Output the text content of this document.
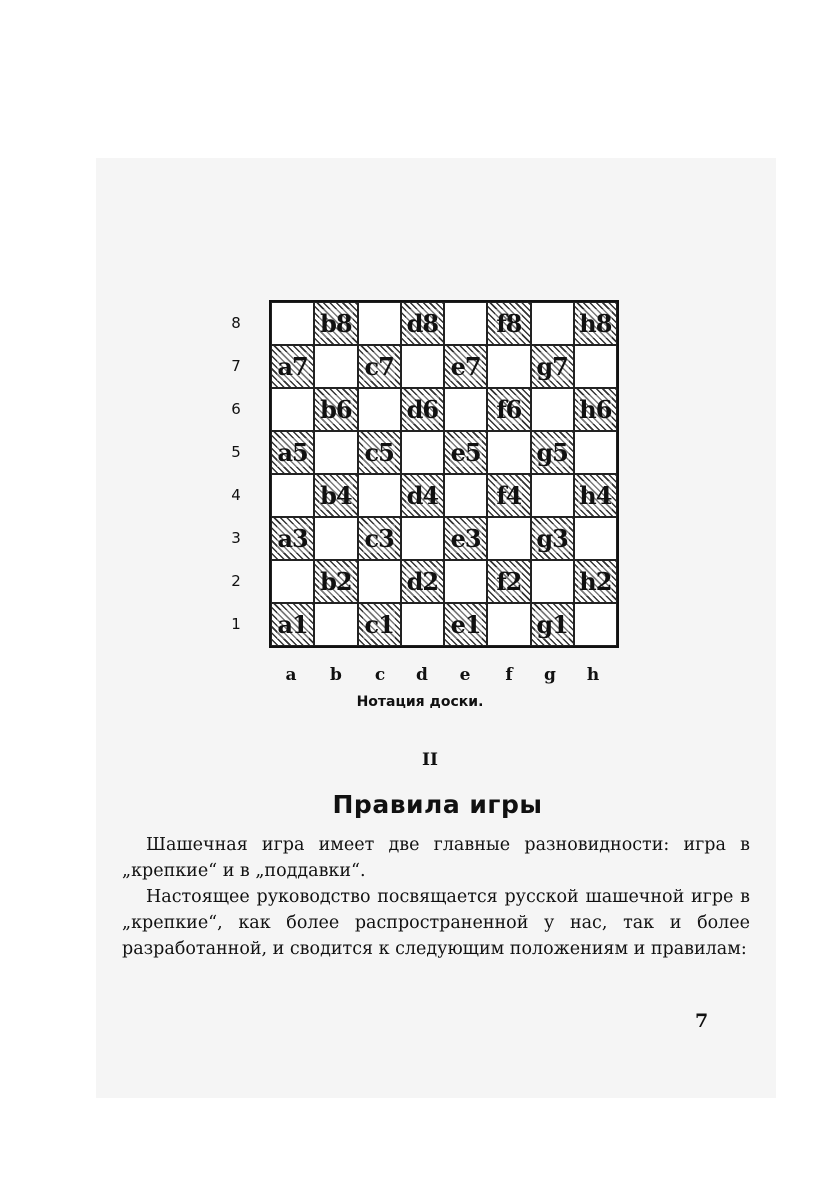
8
7
6
5
4
3
2
1
b8 d8 f8 h8
a7 c7 e7 g7
b6 d6 f6 h6
a5 c5 e5 g5
b4 d4 f4 h4
a3 c3 e3 g3
b2 d2 f2 h2
a1 c1 e1 g1
a b c d e	f	g h
Нотация доски.
II
Правила игры

Шашечная игра имеет две главные разновидности: игра в „крепкие“ и в „поддавки“.

Настоящее руководство посвящается русской шашечной игре в „крепкие“, как более распространенной у нас, так и более разработанной, и сводится к следующим положениям и правилам:

7
